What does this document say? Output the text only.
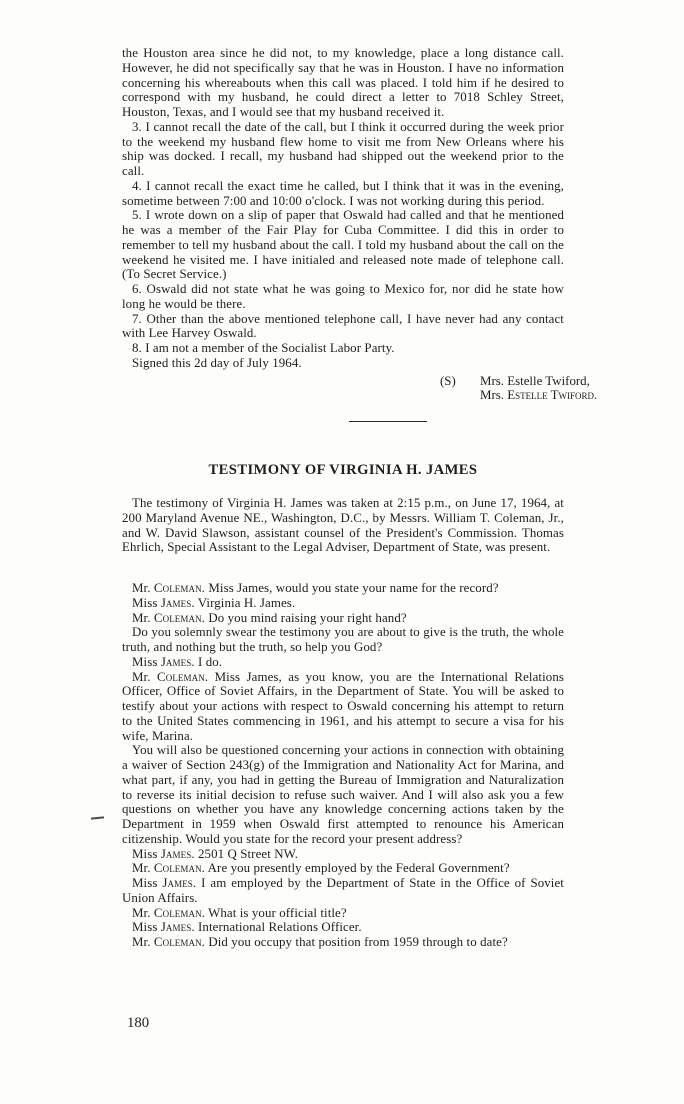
the Houston area since he did not, to my knowledge, place a long distance call. However, he did not specifically say that he was in Houston. I have no information concerning his whereabouts when this call was placed. I told him if he desired to correspond with my husband, he could direct a letter to 7018 Schley Street, Houston, Texas, and I would see that my husband received it.

3. I cannot recall the date of the call, but I think it occurred during the week prior to the weekend my husband flew home to visit me from New Orleans where his ship was docked. I recall, my husband had shipped out the weekend prior to the call.

4. I cannot recall the exact time he called, but I think that it was in the evening, sometime between 7:00 and 10:00 o'clock. I was not working during this period.

5. I wrote down on a slip of paper that Oswald had called and that he mentioned he was a member of the Fair Play for Cuba Committee. I did this in order to remember to tell my husband about the call. I told my husband about the call on the weekend he visited me. I have initialed and released note made of telephone call. (To Secret Service.)

6. Oswald did not state what he was going to Mexico for, nor did he state how long he would be there.

7. Other than the above mentioned telephone call, I have never had any contact with Lee Harvey Oswald.

8. I am not a member of the Socialist Labor Party.

Signed this 2d day of July 1964.

(S) Mrs. Estelle Twiford,
Mrs. Estelle Twiford.
TESTIMONY OF VIRGINIA H. JAMES

The testimony of Virginia H. James was taken at 2:15 p.m., on June 17, 1964, at 200 Maryland Avenue NE., Washington, D.C., by Messrs. William T. Coleman, Jr., and W. David Slawson, assistant counsel of the President's Commission. Thomas Ehrlich, Special Assistant to the Legal Adviser, Department of State, was present.

Mr. Coleman. Miss James, would you state your name for the record?

Miss James. Virginia H. James.

Mr. Coleman. Do you mind raising your right hand?

Do you solemnly swear the testimony you are about to give is the truth, the whole truth, and nothing but the truth, so help you God?

Miss James. I do.

Mr. Coleman. Miss James, as you know, you are the International Relations Officer, Office of Soviet Affairs, in the Department of State. You will be asked to testify about your actions with respect to Oswald concerning his attempt to return to the United States commencing in 1961, and his attempt to secure a visa for his wife, Marina.

You will also be questioned concerning your actions in connection with obtaining a waiver of Section 243(g) of the Immigration and Nationality Act for Marina, and what part, if any, you had in getting the Bureau of Immigration and Naturalization to reverse its initial decision to refuse such waiver. And I will also ask you a few questions on whether you have any knowledge concerning actions taken by the Department in 1959 when Oswald first attempted to renounce his American citizenship. Would you state for the record your present address?

Miss James. 2501 Q Street NW.

Mr. Coleman. Are you presently employed by the Federal Government?

Miss James. I am employed by the Department of State in the Office of Soviet Union Affairs.

Mr. Coleman. What is your official title?

Miss James. International Relations Officer.

Mr. Coleman. Did you occupy that position from 1959 through to date?

180
